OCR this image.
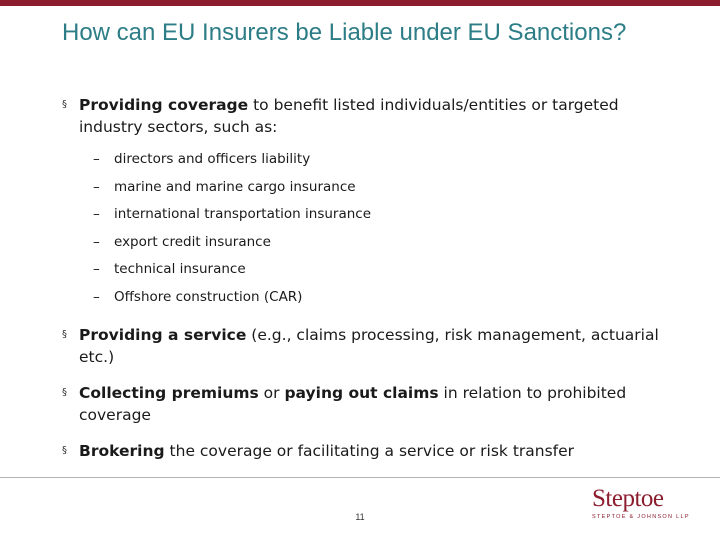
How can EU Insurers be Liable under EU Sanctions?
§ Providing coverage to benefit listed individuals/entities or targeted industry sectors, such as:
– directors and officers liability
– marine and marine cargo insurance
– international transportation insurance
– export credit insurance
– technical insurance
– Offshore construction (CAR)
§ Providing a service (e.g., claims processing, risk management, actuarial etc.)
§ Collecting premiums or paying out claims in relation to prohibited coverage
§ Brokering the coverage or facilitating a service or risk transfer
11
Steptoe
STEPTOE & JOHNSON LLP
